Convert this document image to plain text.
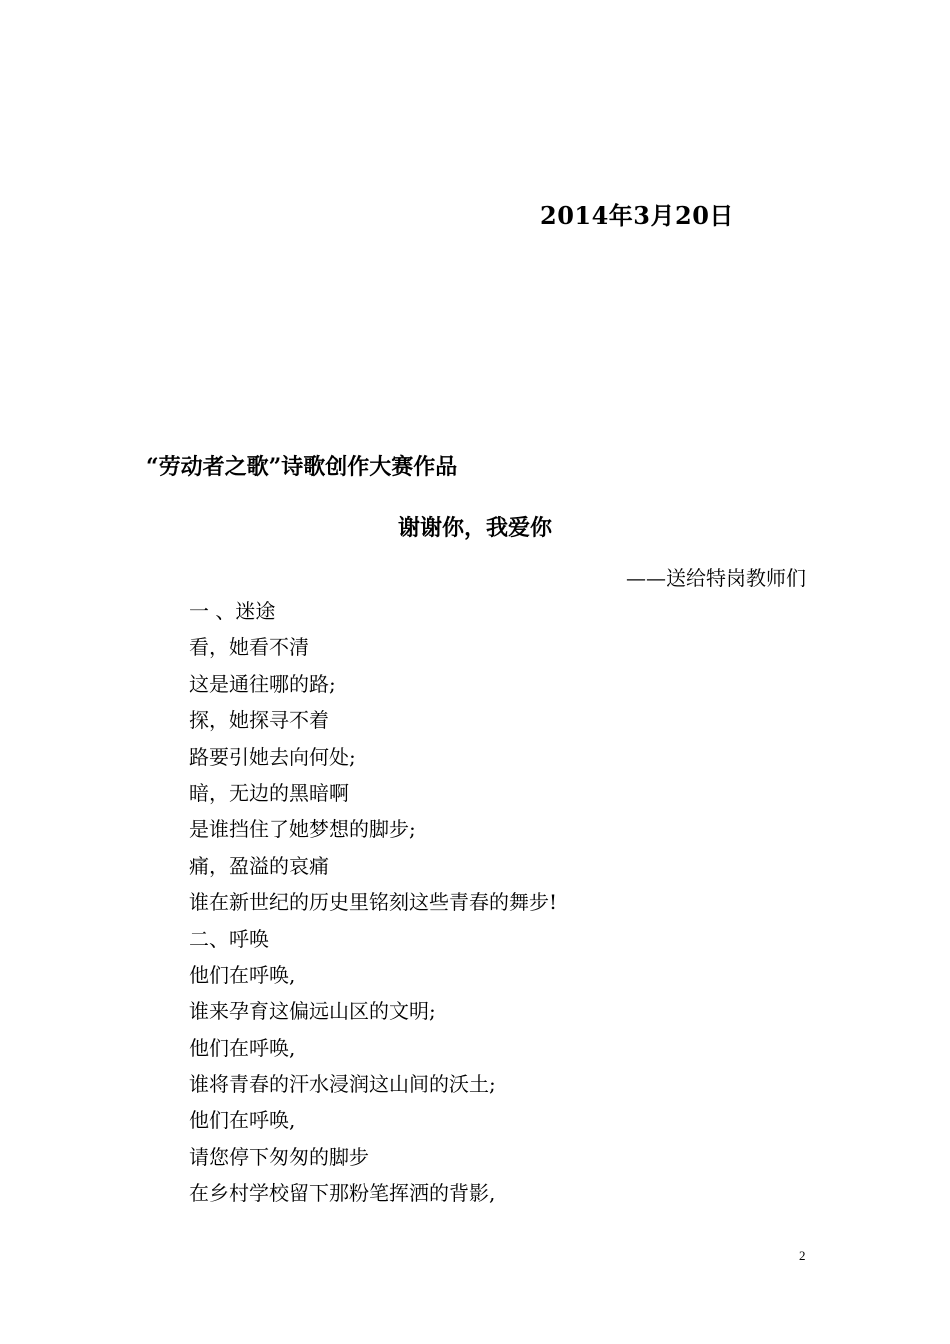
2014年3月20日
“劳动者之歌”诗歌创作大赛作品
谢谢你，我爱你
——送给特岗教师们
一 、迷途
看，她看不清
这是通往哪的路;
探，她探寻不着
路要引她去向何处;
暗，无边的黑暗啊
是谁挡住了她梦想的脚步;
痛，盈溢的哀痛
谁在新世纪的历史里铭刻这些青春的舞步!
二、呼唤
他们在呼唤,
谁来孕育这偏远山区的文明;
他们在呼唤,
谁将青春的汗水浸润这山间的沃土;
他们在呼唤,
请您停下匆匆的脚步
在乡村学校留下那粉笔挥洒的背影,
2
